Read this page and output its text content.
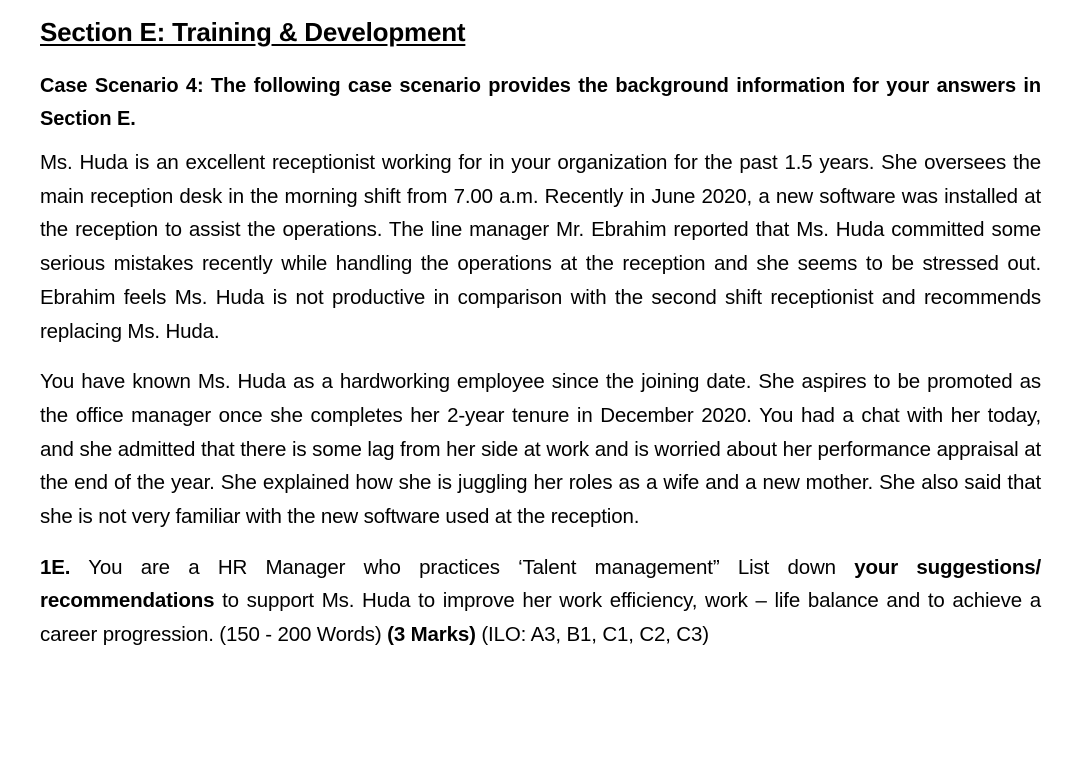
Section E: Training & Development

Case Scenario 4: The following case scenario provides the background information for your answers in Section E.

Ms. Huda is an excellent receptionist working for in your organization for the past 1.5 years. She oversees the main reception desk in the morning shift from 7.00 a.m. Recently in June 2020, a new software was installed at the reception to assist the operations. The line manager Mr. Ebrahim reported that Ms. Huda committed some serious mistakes recently while handling the operations at the reception and she seems to be stressed out. Ebrahim feels Ms. Huda is not productive in comparison with the second shift receptionist and recommends replacing Ms. Huda.

You have known Ms. Huda as a hardworking employee since the joining date. She aspires to be promoted as the office manager once she completes her 2-year tenure in December 2020. You had a chat with her today, and she admitted that there is some lag from her side at work and is worried about her performance appraisal at the end of the year. She explained how she is juggling her roles as a wife and a new mother. She also said that she is not very familiar with the new software used at the reception.

1E. You are a HR Manager who practices ‘Talent management” List down your suggestions/ recommendations to support Ms. Huda to improve her work efficiency, work – life balance and to achieve a career progression. (150 - 200 Words) (3 Marks) (ILO: A3, B1, C1, C2, C3)
